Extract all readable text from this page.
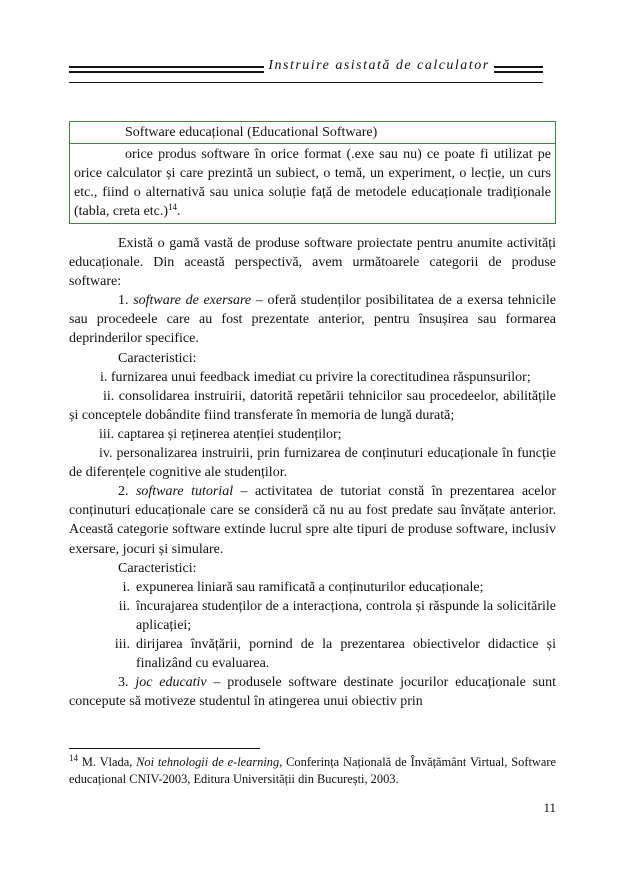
Instruire asistată de calculator
Software educațional (Educational Software)
orice produs software în orice format (.exe sau nu) ce poate fi utilizat pe orice calculator și care prezintă un subiect, o temă, un experiment, o lecție, un curs etc., fiind o alternativă sau unica soluție față de metodele educaționale tradiționale (tabla, creta etc.)$^{14}$.

Există o gamă vastă de produse software proiectate pentru anumite activități educaționale. Din această perspectivă, avem următoarele categorii de produse software:

1. software de exersare – oferă studenților posibilitatea de a exersa tehnicile sau procedeele care au fost prezentate anterior, pentru însușirea sau formarea deprinderilor specifice.

Caracteristici:

i. furnizarea unui feedback imediat cu privire la corectitudinea răspunsurilor;

ii. consolidarea instruirii, datorită repetării tehnicilor sau procedeelor, abilitățile și conceptele dobândite fiind transferate în memoria de lungă durată;

iii. captarea și reținerea atenției studenților;

iv. personalizarea instruirii, prin furnizarea de conținuturi educaționale în funcție de diferențele cognitive ale studenților.

2. software tutorial – activitatea de tutoriat constă în prezentarea acelor conținuturi educaționale care se consideră că nu au fost predate sau învățate anterior. Această categorie software extinde lucrul spre alte tipuri de produse software, inclusiv exersare, jocuri și simulare.

Caracteristici:

i. expunerea liniară sau ramificată a conținuturilor educaționale;
ii. încurajarea studenților de a interacționa, controla și răspunde la solicitările aplicației;
iii. dirijarea învățării, pornind de la prezentarea obiectivelor didactice și finalizând cu evaluarea.

3. joc educativ – produsele software destinate jocurilor educaționale sunt concepute să motiveze studentul în atingerea unui obiectiv prin

$^{14}$ M. Vlada, Noi tehnologii de e-learning, Conferința Națională de Învățământ Virtual, Software educațional CNIV-2003, Editura Universității din București, 2003.
11
